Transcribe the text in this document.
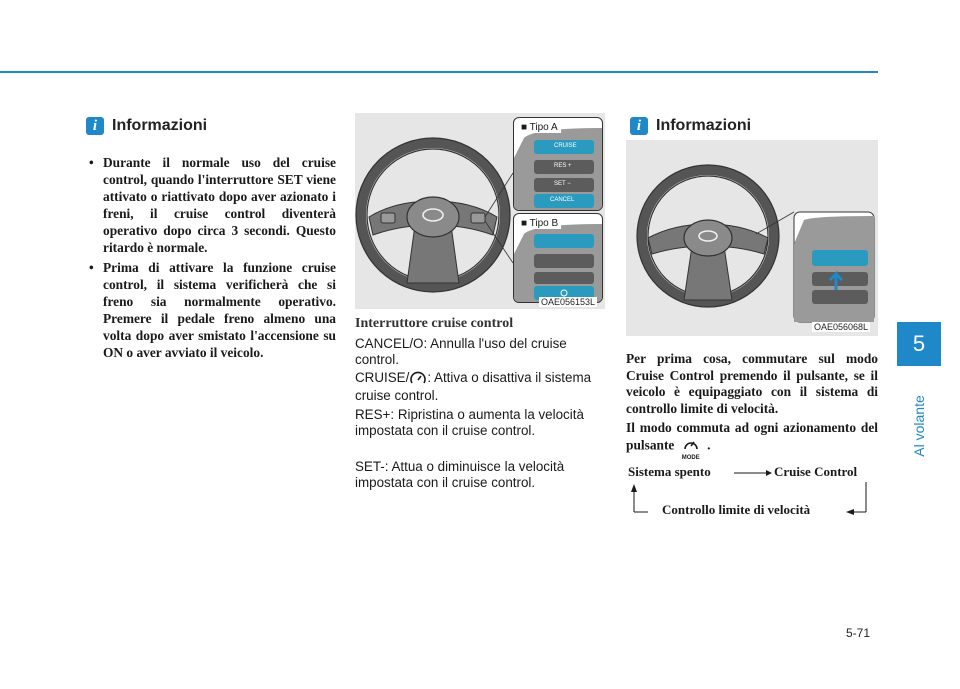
i Informazioni
• Durante il normale uso del cruise control, quando l'interruttore SET viene attivato o riattivato dopo aver azionato i freni, il cruise control diventerà operativo dopo circa 3 secondi. Questo ritardo è normale.
• Prima di attivare la funzione cruise control, il sistema verificherà che si freno sia normalmente operativo. Premere il pedale freno almeno una volta dopo aver smistato l'accensione su ON o aver avviato il veicolo.
■ Tipo A
CRUISE
RES +
SET −
CANCEL
■ Tipo B
OAE056153L
Interruttore cruise control
CANCEL/O: Annulla l'uso del cruise control.
CRUISE/ : Attiva o disattiva il sistema cruise control.
RES+: Ripristina o aumenta la velocità impostata con il cruise control.
SET-: Attua o diminuisce la velocità impostata con il cruise control.
i Informazioni
OAE056068L

Per prima cosa, commutare sul modo Cruise Control premendo il pulsante, se il veicolo è equipaggiato con il sistema di controllo limite di velocità.

Il modo commuta ad ogni azionamento del pulsante
MODE
.

Sistema spento	Cruise Control
Controllo limite di velocità
5
Al volante
5-71
